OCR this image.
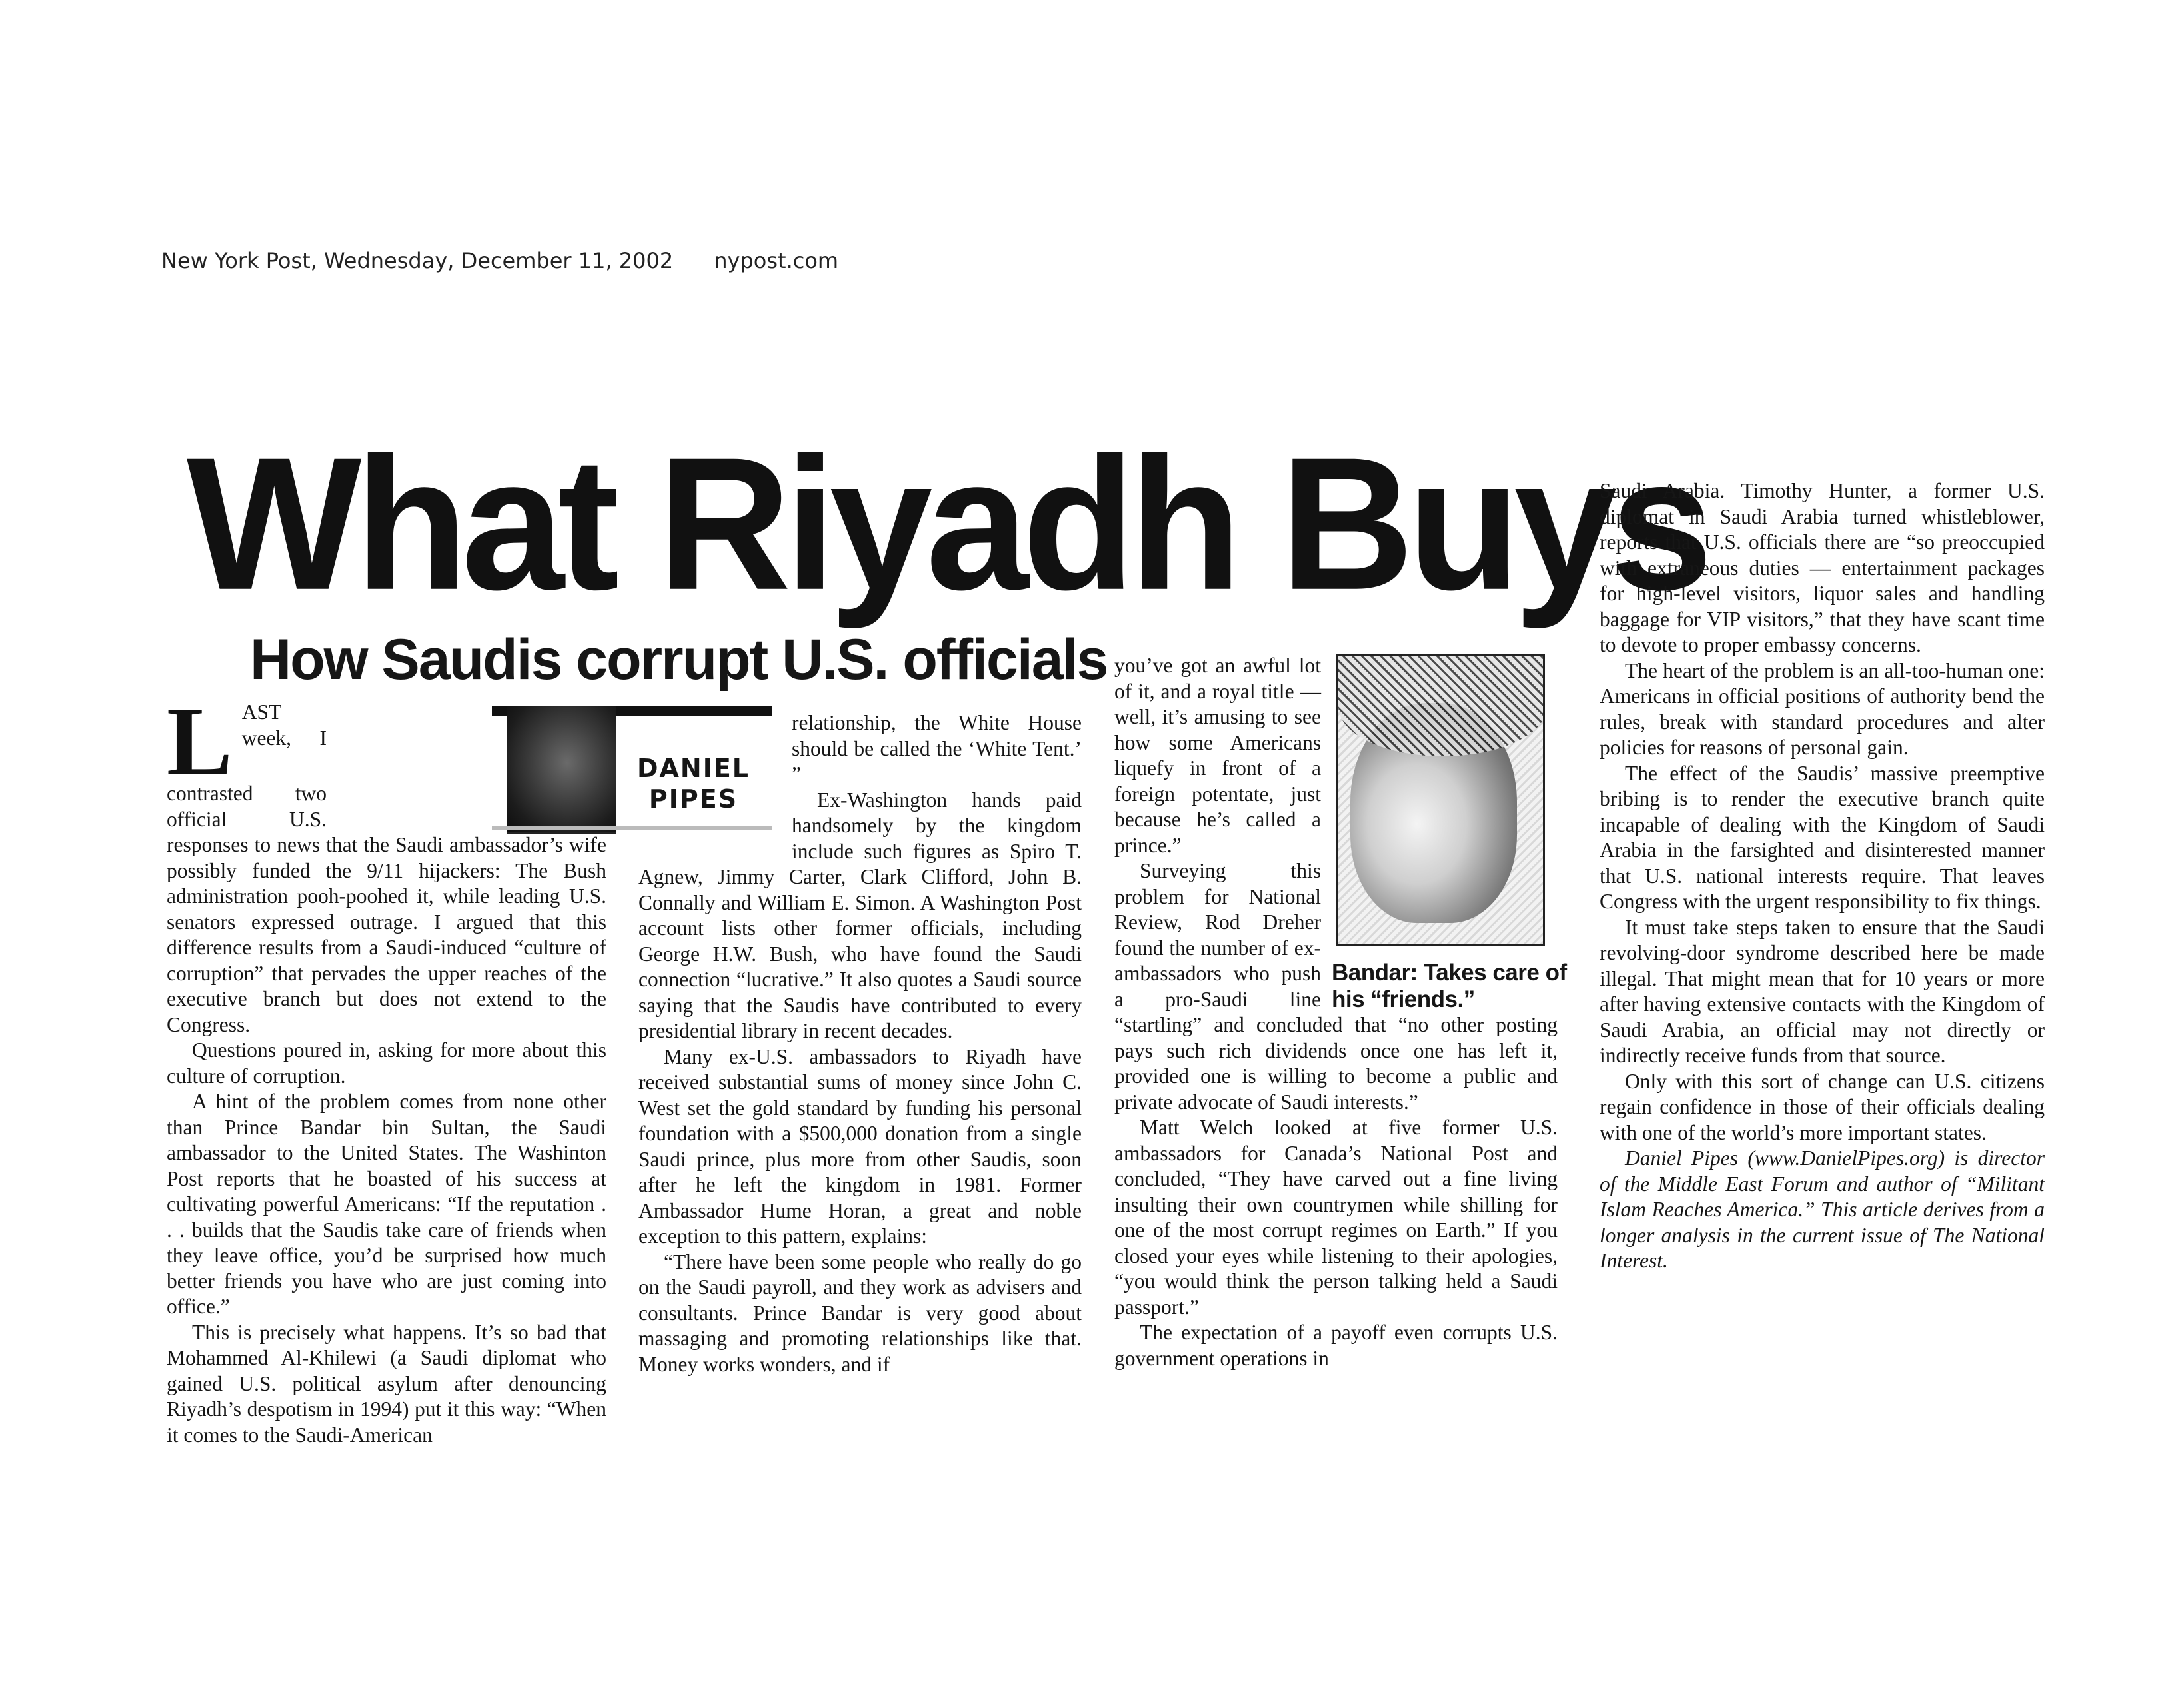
New York Post, Wednesday, December 11, 2002 nypost.com
What Riyadh Buys
How Saudis corrupt U.S. officials
DANIEL
PIPES

LAST week, I contrasted two official U.S. responses to news that the Saudi ambassador’s wife possibly funded the 9/11 hijackers: The Bush administration pooh-poohed it, while leading U.S. senators expressed outrage. I argued that this difference results from a Saudi-induced “culture of corruption” that pervades the upper reaches of the executive branch but does not extend to the Congress.

Questions poured in, asking for more about this culture of corruption.

A hint of the problem comes from none other than Prince Bandar bin Sultan, the Saudi ambassador to the United States. The Washinton Post reports that he boasted of his success at cultivating powerful Americans: “If the reputation . . . builds that the Saudis take care of friends when they leave office, you’d be surprised how much better friends you have who are just coming into office.”

This is precisely what happens. It’s so bad that Mohammed Al-Khilewi (a Saudi diplomat who gained U.S. political asylum after denouncing Riyadh’s despotism in 1994) put it this way: “When it comes to the Saudi-American

relationship, the White House should be called the ‘White Tent.’ ”

Ex-Washington hands paid handsomely by the kingdom include such figures as Spiro T. Agnew, Jimmy Carter, Clark Clifford, John B. Connally and William E. Simon. A Washington Post account lists other former officials, including George H.W. Bush, who have found the Saudi connection “lucrative.” It also quotes a Saudi source saying that the Saudis have contributed to every presidential library in recent decades.

Many ex-U.S. ambassadors to Riyadh have received substantial sums of money since John C. West set the gold standard by funding his personal foundation with a $500,000 donation from a single Saudi prince, plus more from other Saudis, soon after he left the kingdom in 1981. Former Ambassador Hume Horan, a great and noble exception to this pattern, explains:

“There have been some people who really do go on the Saudi payroll, and they work as advisers and consultants. Prince Bandar is very good about massaging and promoting relationships like that. Money works wonders, and if

Bandar: Takes care of his “friends.”

you’ve got an awful lot of it, and a royal title — well, it’s amusing to see how some Americans liquefy in front of a foreign potentate, just because he’s called a prince.”

Surveying this problem for National Review, Rod Dreher found the number of ex-ambassadors who push a pro-Saudi line “startling” and concluded that “no other posting pays such rich dividends once one has left it, provided one is willing to become a public and private advocate of Saudi interests.”

Matt Welch looked at five former U.S. ambassadors for Canada’s National Post and concluded, “They have carved out a fine living insulting their own countrymen while shilling for one of the most corrupt regimes on Earth.” If you closed your eyes while listening to their apologies, “you would think the person talking held a Saudi passport.”

The expectation of a payoff even corrupts U.S. government operations in

Saudi Arabia. Timothy Hunter, a former U.S. diplomat in Saudi Arabia turned whistleblower, reports that U.S. officials there are “so preoccupied with extraneous duties — entertainment packages for high-level visitors, liquor sales and handling baggage for VIP visitors,” that they have scant time to devote to proper embassy concerns.

The heart of the problem is an all-too-human one: Americans in official positions of authority bend the rules, break with standard procedures and alter policies for reasons of personal gain.

The effect of the Saudis’ massive preemptive bribing is to render the executive branch quite incapable of dealing with the Kingdom of Saudi Arabia in the farsighted and disinterested manner that U.S. national interests require. That leaves Congress with the urgent responsibility to fix things.

It must take steps taken to ensure that the Saudi revolving-door syndrome described here be made illegal. That might mean that for 10 years or more after having extensive contacts with the Kingdom of Saudi Arabia, an official may not directly or indirectly receive funds from that source.

Only with this sort of change can U.S. citizens regain confidence in those of their officials dealing with one of the world’s more important states.

Daniel Pipes (www.DanielPipes.org) is director of the Middle East Forum and author of “Militant Islam Reaches America.” This article derives from a longer analysis in the current issue of The National Interest.
